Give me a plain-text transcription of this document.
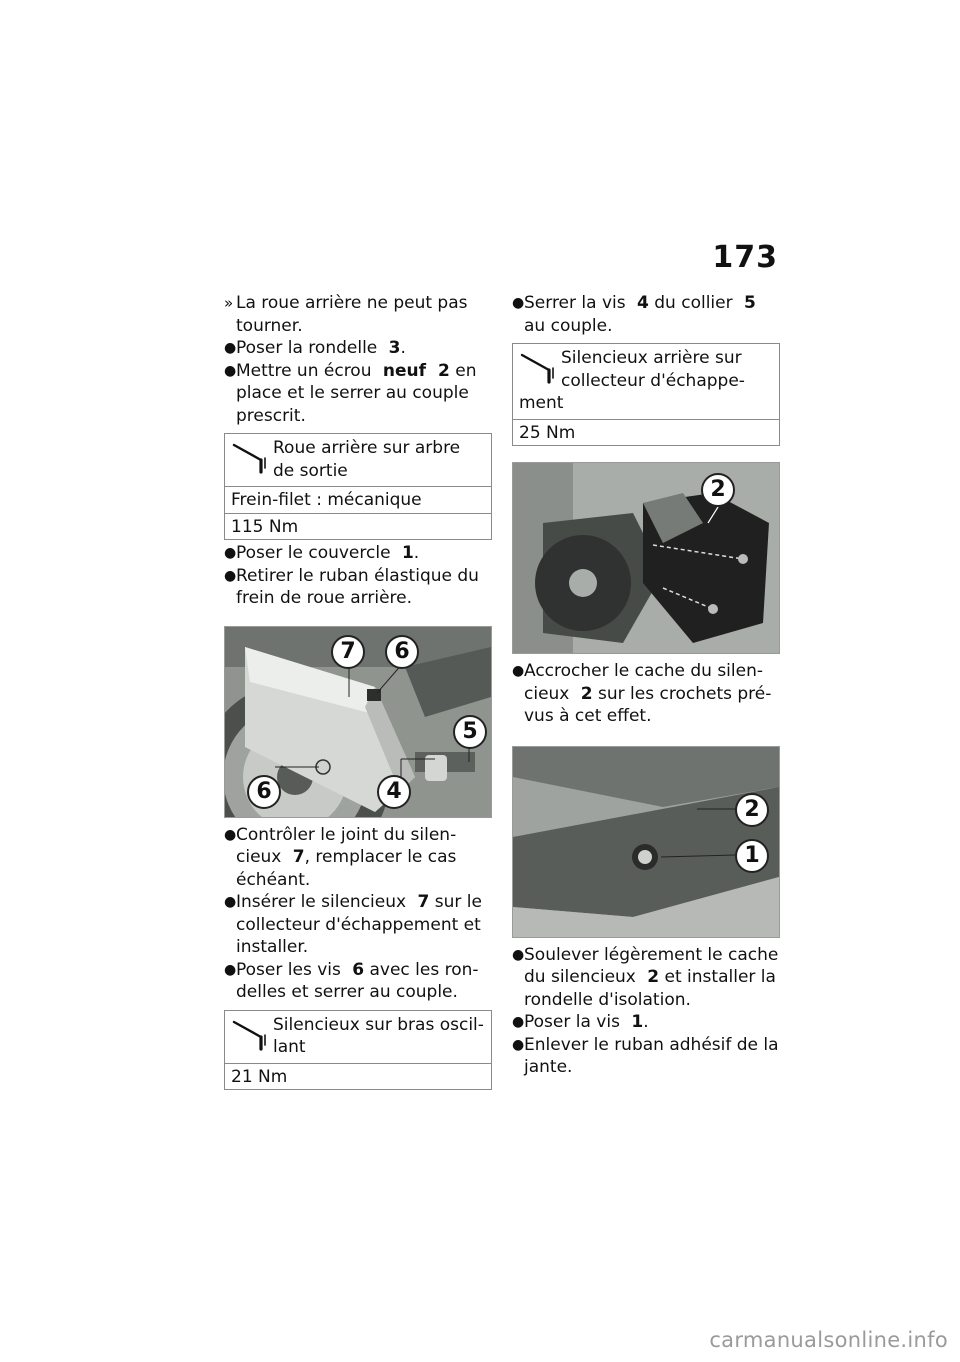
173
» La roue arrière ne peut pas tourner.
● Poser la rondelle 3.
● Mettre un écrou neuf 2 en place et le serrer au couple prescrit.
Roue arrière sur arbre de sortie
Frein-filet : mécanique
115 Nm
● Poser le couvercle 1.
● Retirer le ruban élastique du frein de roue arrière.
7	6
5
6	4
● Contrôler le joint du silen-cieux 7, remplacer le cas échéant.
● Insérer le silencieux 7 sur le collecteur d'échappement et installer.
● Poser les vis 6 avec les ron-delles et serrer au couple.
Silencieux sur bras oscil-lant
21 Nm
● Serrer la vis 4 du collier 5 au couple.
Silencieux arrière sur
collecteur d'échappe-
ment
25 Nm
2
● Accrocher le cache du silen-cieux 2 sur les crochets pré-vus à cet effet.
2
1
● Soulever légèrement le cache du silencieux 2 et installer la rondelle d'isolation.
● Poser la vis 1.
● Enlever le ruban adhésif de la jante.
carmanualsonline.info
